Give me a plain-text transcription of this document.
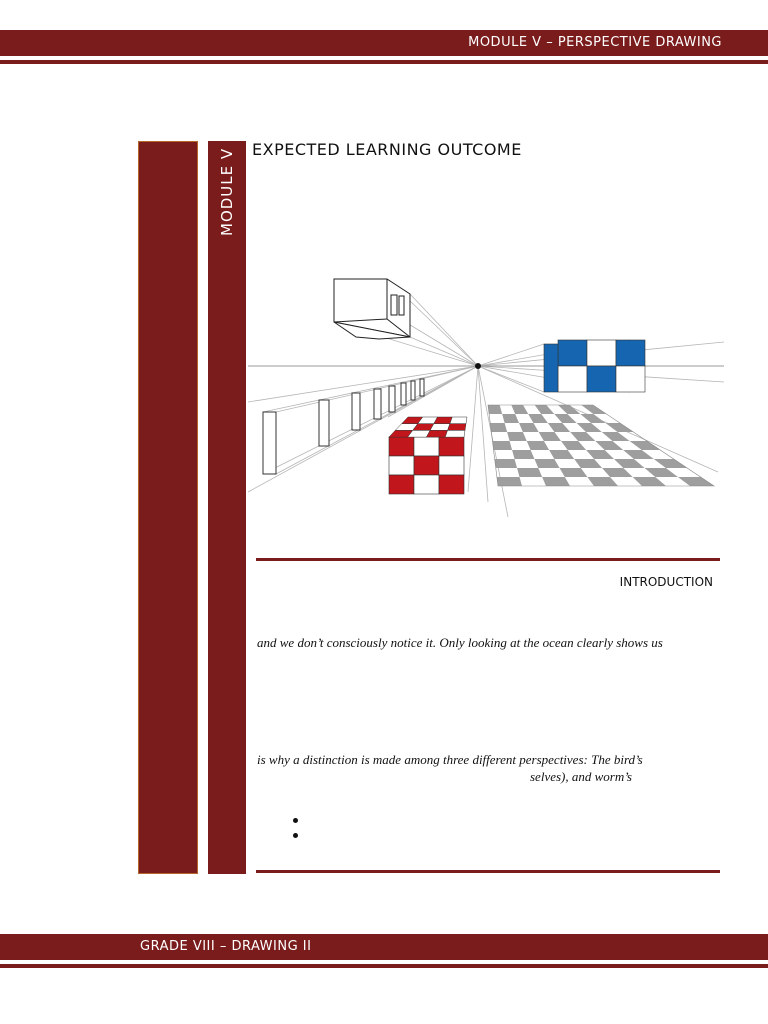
MODULE V – PERSPECTIVE DRAWING
MODULE V EXPECTED LEARNING OUTCOME
INTRODUCTION
and we don’t consciously notice it. Only looking at the ocean clearly shows us
is why a distinction is made among three different perspectives: The bird’s
selves), and worm’s
GRADE VIII – DRAWING II
